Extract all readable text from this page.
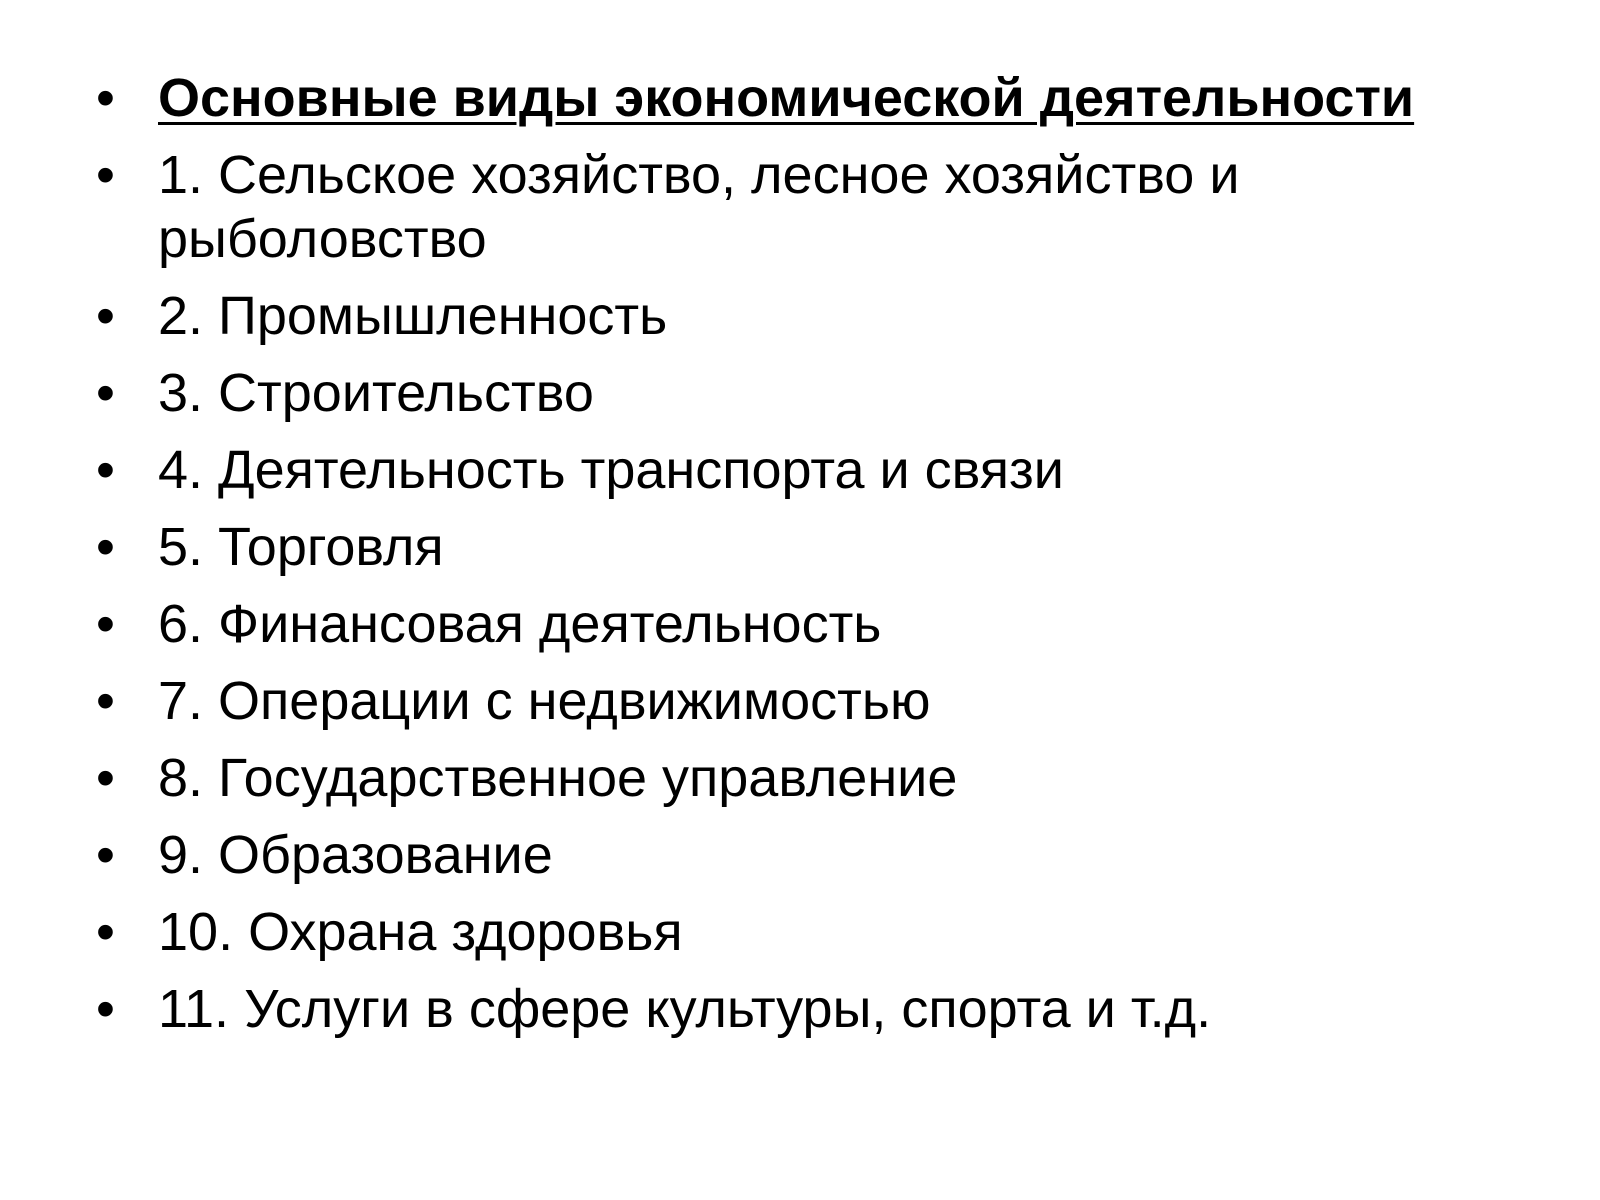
• Основные виды экономической деятельности
• 1. Сельское хозяйство, лесное хозяйство и рыболовство
• 2. Промышленность
• 3. Строительство
• 4. Деятельность транспорта и связи
• 5. Торговля
• 6. Финансовая деятельность
• 7. Операции с недвижимостью
• 8. Государственное управление
• 9. Образование
• 10. Охрана здоровья
• 11. Услуги в сфере культуры, спорта и т.д.
